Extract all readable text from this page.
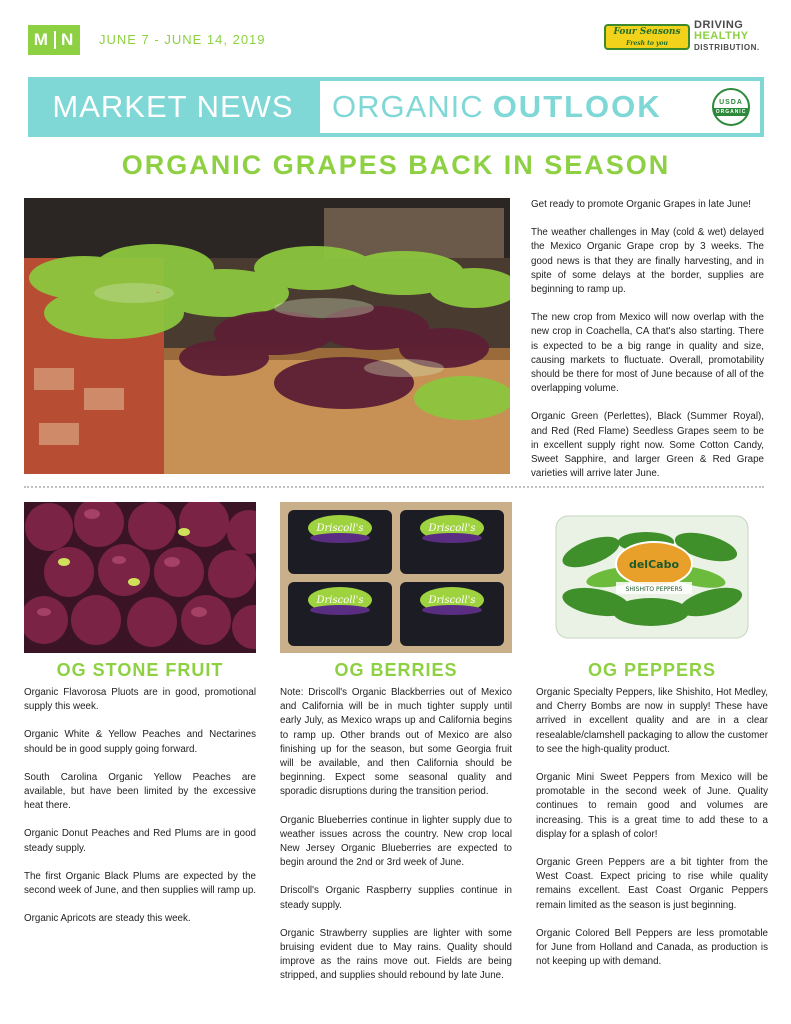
M N JUNE 7 - JUNE 14, 2019	Four Seasons
Fresh to you
DRIVING
HEALTHY
DISTRIBUTION.
MARKET NEWS	ORGANIC OUTLOOK	USDA
ORGANIC
ORGANIC GRAPES BACK IN SEASON

Get ready to promote Organic Grapes in late June!

The weather challenges in May (cold & wet) delayed the Mexico Organic Grape crop by 3 weeks. The good news is that they are finally harvesting, and in spite of some delays at the border, supplies are beginning to ramp up.

The new crop from Mexico will now overlap with the new crop in Coachella, CA that's also starting. There is expected to be a big range in quality and size, causing markets to fluctuate. Overall, promotability should be there for most of June because of all of the overlapping volume.

Organic Green (Perlettes), Black (Summer Royal), and Red (Red Flame) Seedless Grapes seem to be in excellent supply right now. Some Cotton Candy, Sweet Sapphire, and larger Green & Red Grape varieties will arrive later June.

Driscoll's	Driscoll's
Driscoll's	Driscoll's
delCabo
SHISHITO PEPPERS
OG STONE FRUIT	OG BERRIES	OG PEPPERS

Organic Flavorosa Pluots are in good, promotional supply this week.

Organic White & Yellow Peaches and Nectarines should be in good supply going forward.

South Carolina Organic Yellow Peaches are available, but have been limited by the excessive heat there.

Organic Donut Peaches and Red Plums are in good steady supply.

The first Organic Black Plums are expected by the second week of June, and then supplies will ramp up.

Organic Apricots are steady this week.

Note: Driscoll's Organic Blackberries out of Mexico and California will be in much tighter supply until early July, as Mexico wraps up and California begins to ramp up. Other brands out of Mexico are also finishing up for the season, but some Georgia fruit will be available, and then California should be beginning. Expect some seasonal quality and sporadic disruptions during the transition period.

Organic Blueberries continue in lighter supply due to weather issues across the country. New crop local New Jersey Organic Blueberries are expected to begin around the 2nd or 3rd week of June.

Driscoll's Organic Raspberry supplies continue in steady supply.

Organic Strawberry supplies are lighter with some bruising evident due to May rains. Quality should improve as the rains move out. Fields are being stripped, and supplies should rebound by late June.

Organic Specialty Peppers, like Shishito, Hot Medley, and Cherry Bombs are now in supply! These have arrived in excellent quality and are in a clear resealable/clamshell packaging to allow the customer to see the high-quality product.

Organic Mini Sweet Peppers from Mexico will be promotable in the second week of June. Quality continues to remain good and volumes are increasing. This is a great time to add these to a display for a splash of color!

Organic Green Peppers are a bit tighter from the West Coast. Expect pricing to rise while quality remains excellent. East Coast Organic Peppers remain limited as the season is just beginning.

Organic Colored Bell Peppers are less promotable for June from Holland and Canada, as production is not keeping up with demand.
